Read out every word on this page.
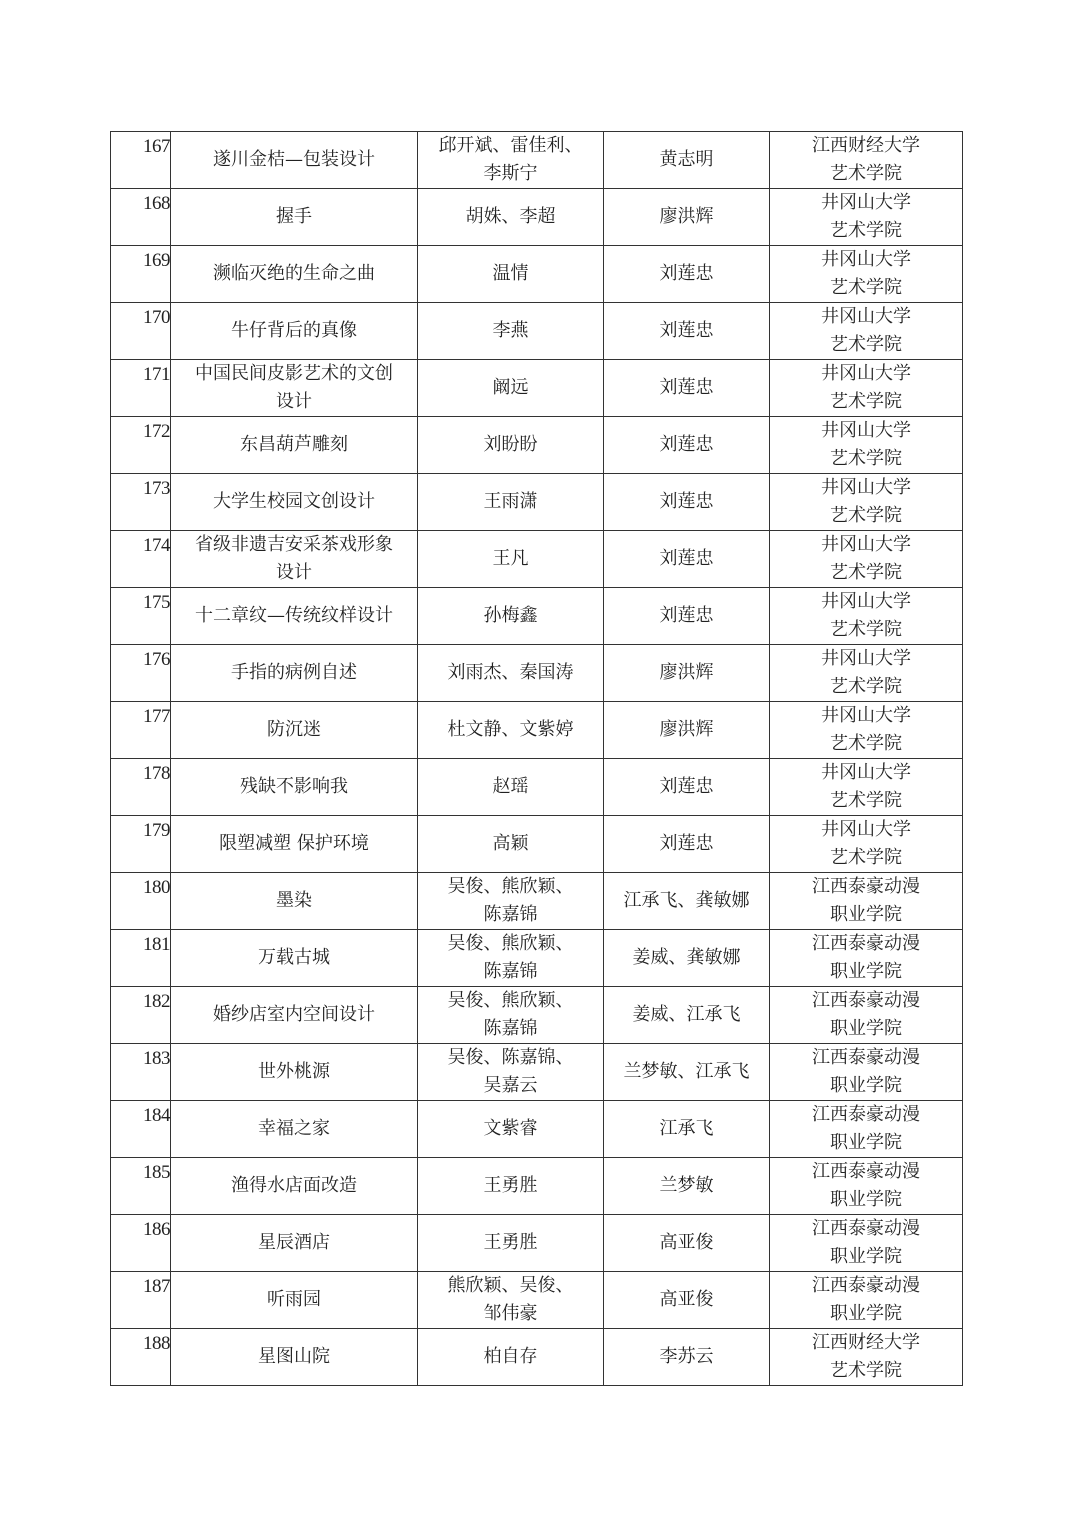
167	遂川金桔—包装设计	邱开斌、雷佳利、
李斯宁	黄志明	江西财经大学
艺术学院

168	握手	胡姝、李超	廖洪辉	井冈山大学
艺术学院

169	濒临灭绝的生命之曲	温情	刘莲忠	井冈山大学
艺术学院

170	牛仔背后的真像	李燕	刘莲忠	井冈山大学
艺术学院

171	中国民间皮影艺术的文创
设计	阚远	刘莲忠	井冈山大学
艺术学院

172	东昌葫芦雕刻	刘盼盼	刘莲忠	井冈山大学
艺术学院

173	大学生校园文创设计	王雨潇	刘莲忠	井冈山大学
艺术学院

174	省级非遗吉安采茶戏形象
设计	王凡	刘莲忠	井冈山大学
艺术学院

175	十二章纹—传统纹样设计	孙梅鑫	刘莲忠	井冈山大学
艺术学院

176	手指的病例自述	刘雨杰、秦国涛	廖洪辉	井冈山大学
艺术学院

177	防沉迷	杜文静、文紫婷	廖洪辉	井冈山大学
艺术学院

178	残缺不影响我	赵瑶	刘莲忠	井冈山大学
艺术学院

179	限塑减塑 保护环境	高颖	刘莲忠	井冈山大学
艺术学院

180	墨染	吴俊、熊欣颖、
陈嘉锦	江承飞、龚敏娜	江西泰豪动漫
职业学院

181	万载古城	吴俊、熊欣颖、
陈嘉锦	姜威、龚敏娜	江西泰豪动漫
职业学院

182	婚纱店室内空间设计	吴俊、熊欣颖、
陈嘉锦	姜威、江承飞	江西泰豪动漫
职业学院

183	世外桃源	吴俊、陈嘉锦、
吴嘉云	兰梦敏、江承飞	江西泰豪动漫
职业学院

184	幸福之家	文紫睿	江承飞	江西泰豪动漫
职业学院

185	渔得水店面改造	王勇胜	兰梦敏	江西泰豪动漫
职业学院

186	星辰酒店	王勇胜	高亚俊	江西泰豪动漫
职业学院

187	听雨园	熊欣颖、吴俊、
邹伟豪	高亚俊	江西泰豪动漫
职业学院

188	星图山院	柏自存	李苏云	江西财经大学
艺术学院
